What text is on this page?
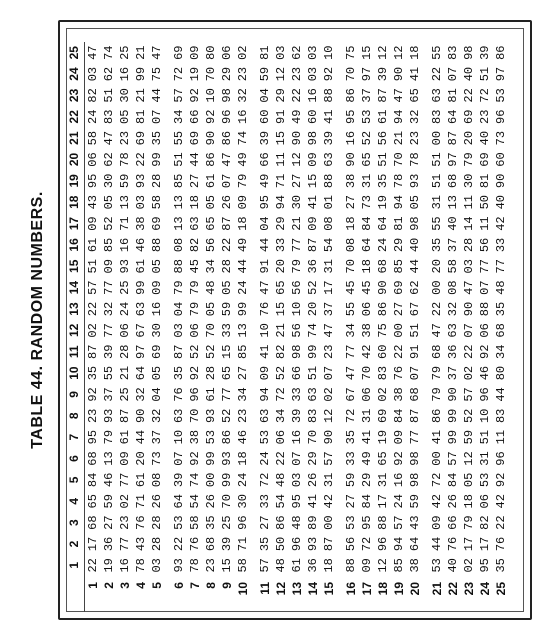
TABLE 44. RANDOM NUMBERS.
	1	2	3	4	5	6	7	8	9	10	11	12	13	14	15	16	17	18	19	20	21	22	23	24	25
1	22	17	68	65	84	68	95	23	92	35	87	02	22	57	51	61	09	43	95	06	58	24	82	03	47
2	19	36	27	59	46	13	79	93	37	55	39	77	32	77	09	85	52	05	30	62	47	83	51	62	74
3	16	77	23	02	77	09	61	87	25	21	28	06	24	25	93	16	71	13	59	78	23	05	30	16	25
4	78	43	76	71	61	20	44	90	32	64	97	67	63	99	61	46	38	03	93	22	69	81	21	99	21
5	03	28	28	26	08	73	37	32	04	05	69	30	16	09	05	88	69	58	28	99	35	07	44	75	47

6	93	22	53	64	39	07	10	63	76	35	87	03	04	79	88	08	13	13	85	51	55	34	57	72	69
7	78	76	58	54	74	92	38	70	96	92	52	06	79	79	45	82	63	18	27	44	69	66	92	19	09
8	23	68	35	26	00	99	53	93	61	28	52	70	05	48	34	56	65	05	61	86	90	92	10	70	80
9	15	39	25	70	99	93	86	52	77	65	15	33	59	05	28	22	87	26	07	47	86	96	98	29	06
10	58	71	96	30	24	18	46	23	34	27	85	13	99	24	44	49	18	09	79	49	74	16	32	23	02

11	57	35	27	33	72	24	53	63	94	09	41	10	76	47	91	44	04	95	49	66	39	60	04	59	81
12	48	50	86	54	48	22	06	34	72	52	82	21	15	65	20	33	29	94	71	11	15	91	29	12	03
13	61	96	48	95	03	07	16	39	33	66	98	56	10	56	79	77	21	30	27	12	90	49	22	23	62
14	36	93	89	41	26	29	70	83	63	51	99	74	20	52	36	87	09	41	15	09	98	60	16	03	03
15	18	87	00	42	31	57	90	12	02	07	23	47	37	17	31	54	08	01	88	63	39	41	88	92	10

16	88	56	53	27	59	33	35	72	67	47	77	34	55	45	70	08	18	27	38	90	16	95	86	70	75
17	09	72	95	84	29	49	41	31	06	70	42	38	06	45	18	64	84	73	31	65	52	53	37	97	15
18	12	96	88	17	31	65	19	69	02	83	60	75	86	90	68	24	64	19	35	51	56	61	87	39	12
19	85	94	57	24	16	92	09	84	38	76	22	00	27	69	85	29	81	94	78	70	21	94	47	90	12
20	38	64	43	59	98	98	77	87	68	07	91	51	67	62	44	40	98	05	93	78	23	32	65	41	18

21	53	44	09	42	72	00	41	86	79	79	68	47	22	00	20	35	55	31	51	51	00	83	63	22	55
22	40	76	66	26	84	57	99	99	90	37	36	63	32	08	58	37	40	13	68	97	87	64	81	07	83
23	02	17	79	18	05	12	59	52	57	02	22	07	90	47	03	28	14	11	30	79	20	69	22	40	98
24	95	17	82	06	53	31	51	10	96	46	92	06	88	07	77	56	11	50	81	69	40	23	72	51	39
25	35	76	22	42	92	96	11	83	44	80	34	68	35	48	77	33	42	40	90	60	73	96	53	97	86
